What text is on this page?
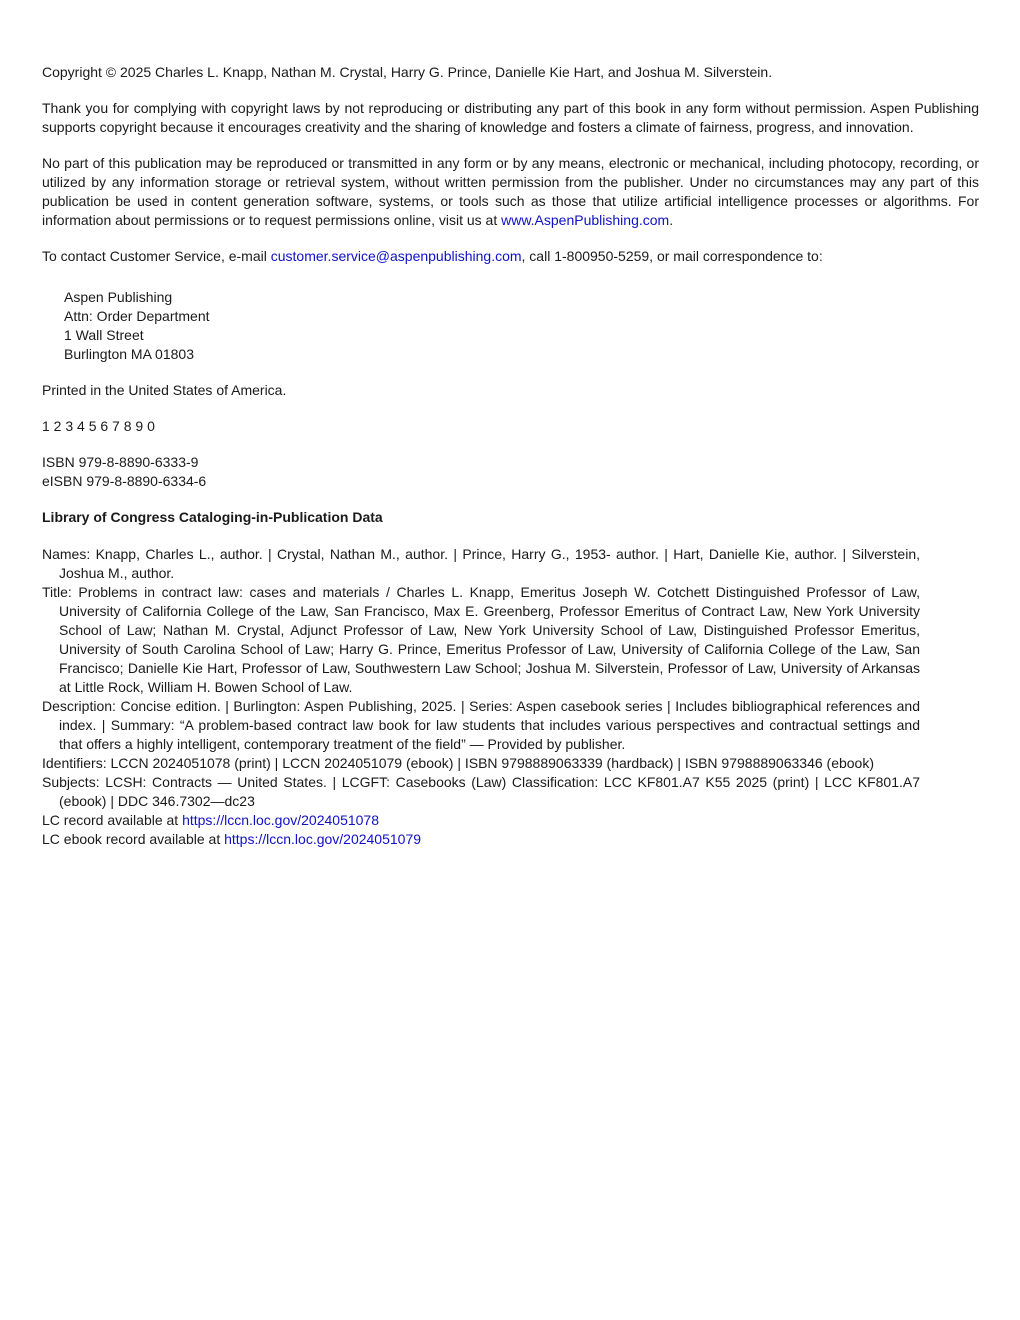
Copyright © 2025 Charles L. Knapp, Nathan M. Crystal, Harry G. Prince, Danielle Kie Hart, and Joshua M. Silverstein.

Thank you for complying with copyright laws by not reproducing or distributing any part of this book in any form without permission. Aspen Publishing supports copyright because it encourages creativity and the sharing of knowledge and fosters a climate of fairness, progress, and innovation.

No part of this publication may be reproduced or transmitted in any form or by any means, electronic or mechanical, including photocopy, recording, or utilized by any information storage or retrieval system, without written permission from the publisher. Under no circumstances may any part of this publication be used in content generation software, systems, or tools such as those that utilize artificial intelligence processes or algorithms. For information about permissions or to request permissions online, visit us at www.AspenPublishing.com.

To contact Customer Service, e-mail customer.service@aspenpublishing.com, call 1-800950-5259, or mail correspondence to:

Aspen Publishing
Attn: Order Department
1 Wall Street
Burlington MA 01803

Printed in the United States of America.

1 2 3 4 5 6 7 8 9 0

ISBN 979-8-8890-6333-9

eISBN 979-8-8890-6334-6

Library of Congress Cataloging-in-Publication Data

Names: Knapp, Charles L., author. | Crystal, Nathan M., author. | Prince, Harry G., 1953- author. | Hart, Danielle Kie, author. | Silverstein, Joshua M., author.

Title: Problems in contract law: cases and materials / Charles L. Knapp, Emeritus Joseph W. Cotchett Distinguished Professor of Law, University of California College of the Law, San Francisco, Max E. Greenberg, Professor Emeritus of Contract Law, New York University School of Law; Nathan M. Crystal, Adjunct Professor of Law, New York University School of Law, Distinguished Professor Emeritus, University of South Carolina School of Law; Harry G. Prince, Emeritus Professor of Law, University of California College of the Law, San Francisco; Danielle Kie Hart, Professor of Law, Southwestern Law School; Joshua M. Silverstein, Professor of Law, University of Arkansas at Little Rock, William H. Bowen School of Law.

Description: Concise edition. | Burlington: Aspen Publishing, 2025. | Series: Aspen casebook series | Includes bibliographical references and index. | Summary: “A problem-based contract law book for law students that includes various perspectives and contractual settings and that offers a highly intelligent, contemporary treatment of the field” — Provided by publisher.

Identifiers: LCCN 2024051078 (print) | LCCN 2024051079 (ebook) | ISBN 9798889063339 (hardback) | ISBN 9798889063346 (ebook)

Subjects: LCSH: Contracts — United States. | LCGFT: Casebooks (Law) Classification: LCC KF801.A7 K55 2025 (print) | LCC KF801.A7 (ebook) | DDC 346.7302—dc23

LC record available at https://lccn.loc.gov/2024051078

LC ebook record available at https://lccn.loc.gov/2024051079
